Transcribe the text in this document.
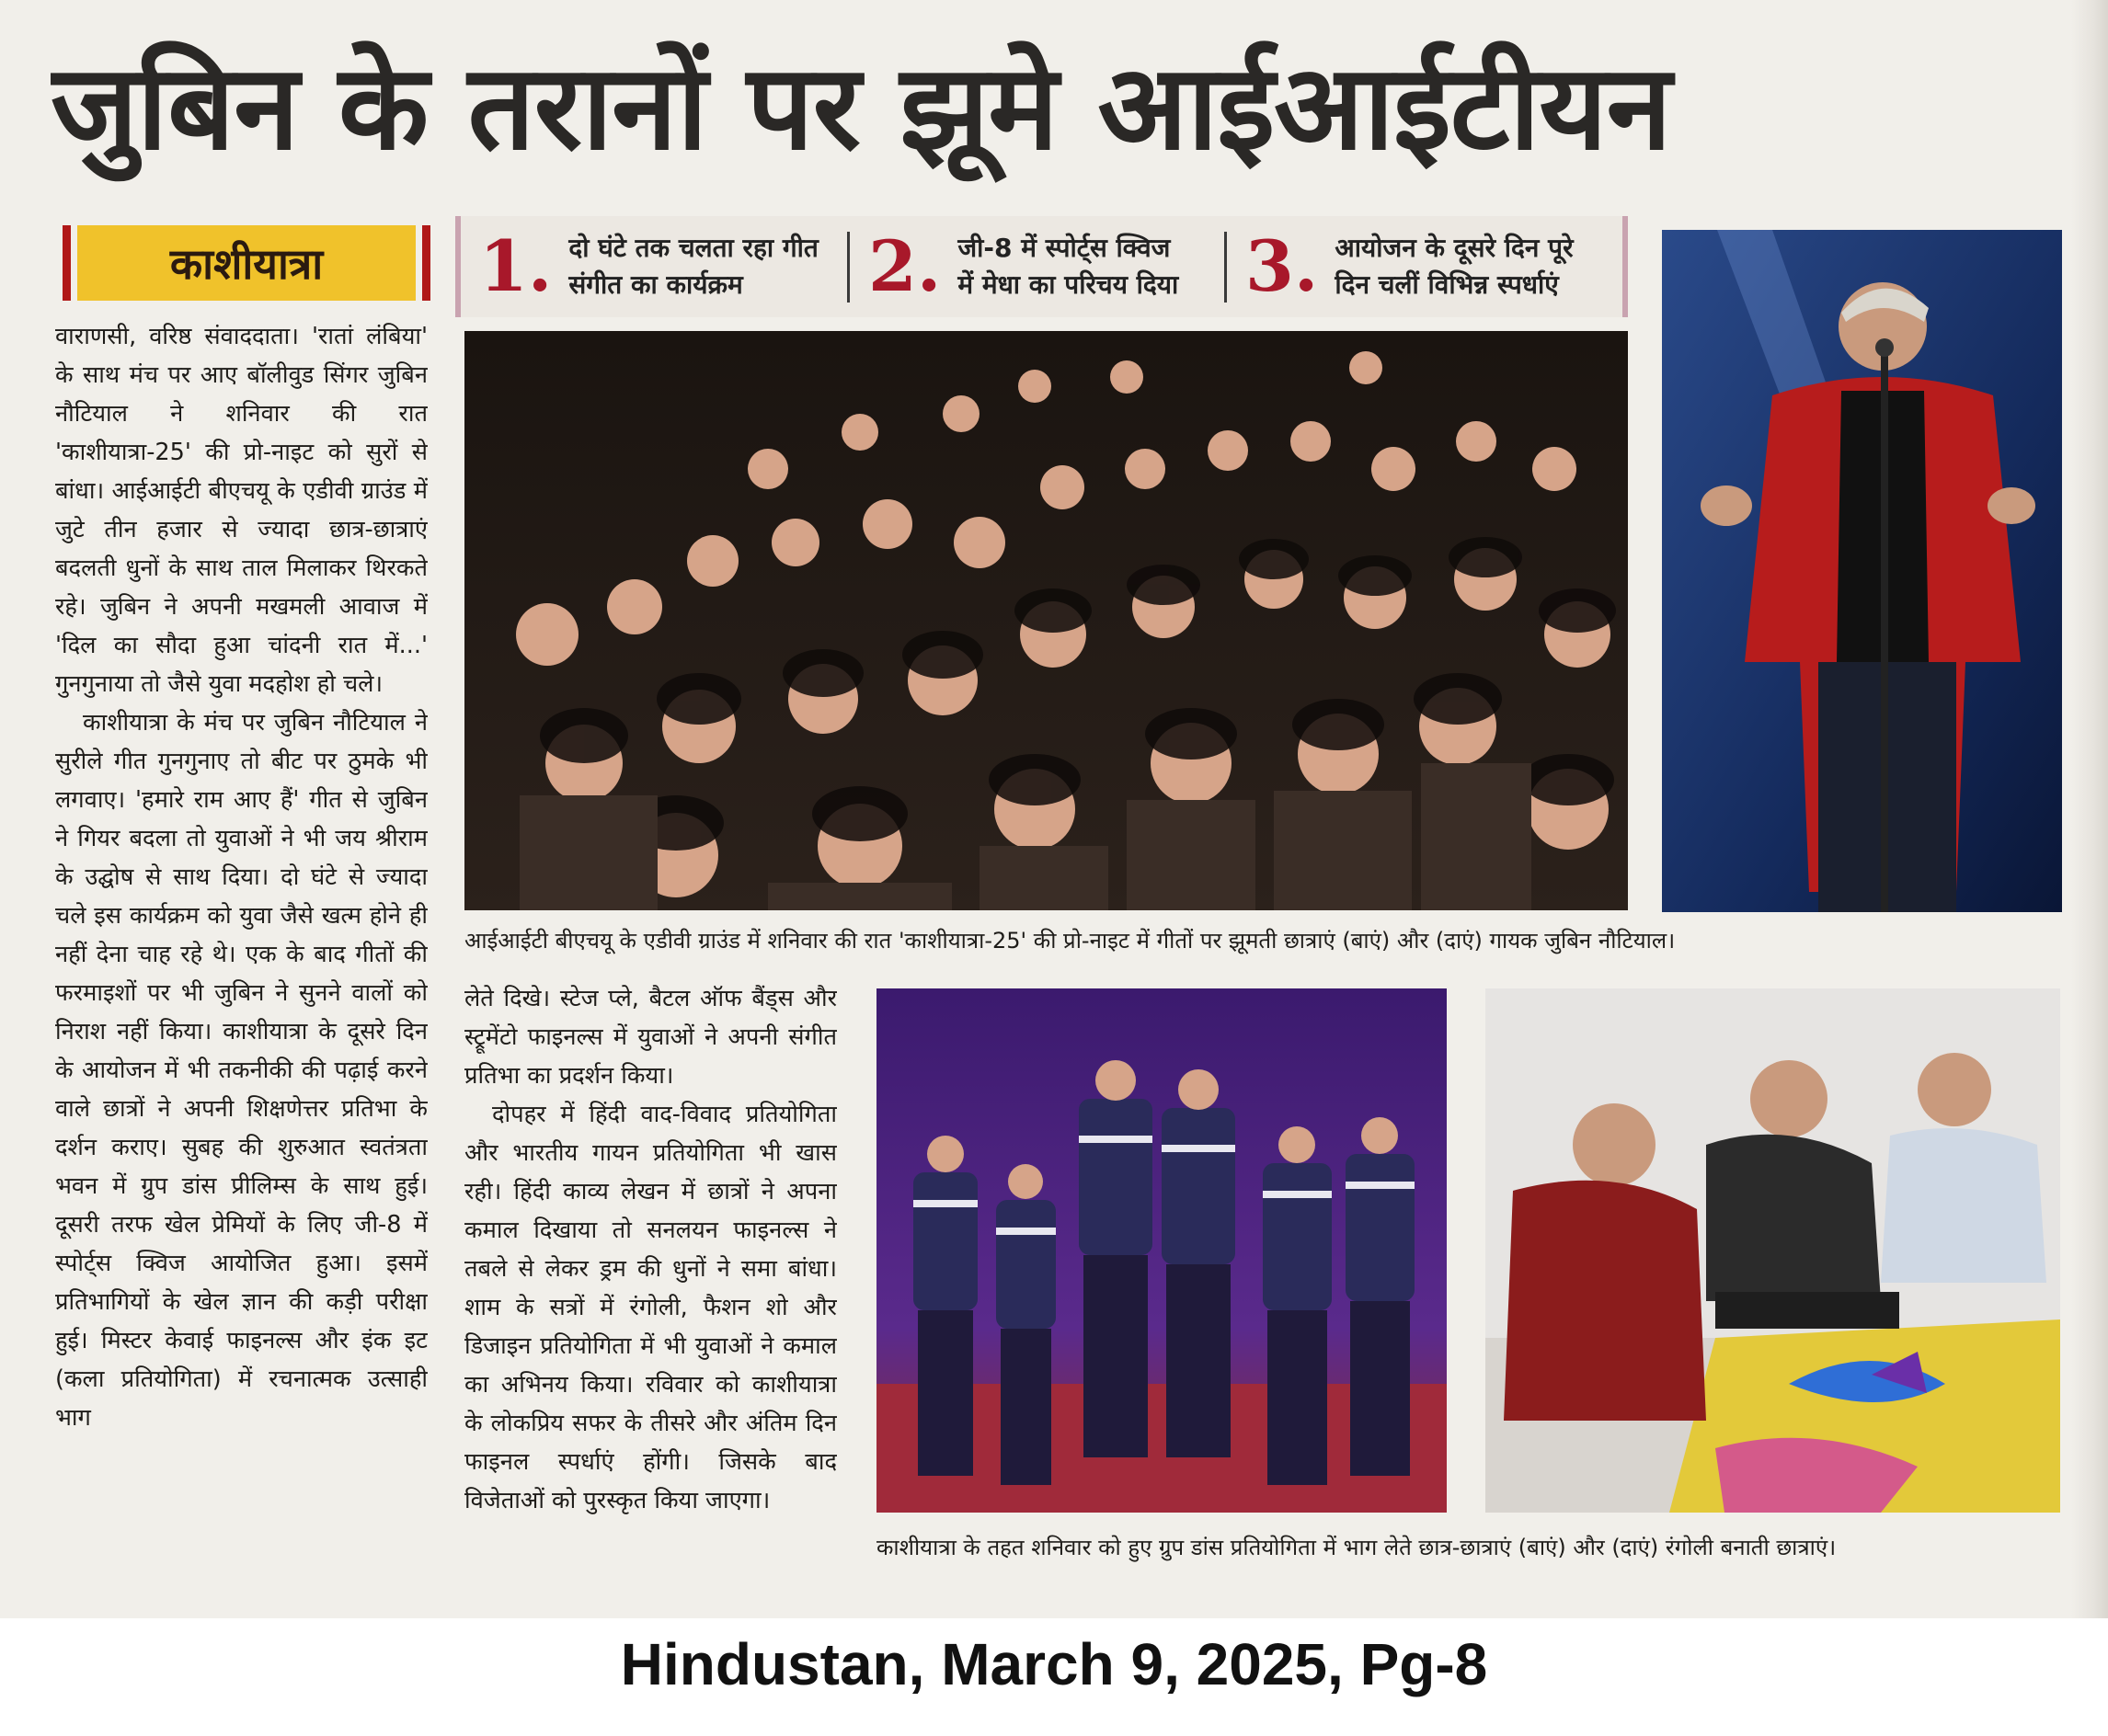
जुबिन के तरानों पर झूमे आईआईटीयन
काशीयात्रा	1. दो घंटे तक चलता रहा गीत
संगीत का कार्यक्रम	2. जी-8 में स्पोर्ट्स क्विज
में मेधा का परिचय दिया 3. आयोजन के दूसरे दिन पूरे
दिन चलीं विभिन्न स्पर्धाएं

वाराणसी, वरिष्ठ संवाददाता। 'रातां लंबिया' के साथ मंच पर आए बॉलीवुड सिंगर जुबिन नौटियाल ने शनिवार की रात 'काशीयात्रा-25' की प्रो-नाइट को सुरों से बांधा। आईआईटी बीएचयू के एडीवी ग्राउंड में जुटे तीन हजार से ज्यादा छात्र-छात्राएं बदलती धुनों के साथ ताल मिलाकर थिरकते रहे। जुबिन ने अपनी मखमली आवाज में 'दिल का सौदा हुआ चांदनी रात में...' गुनगुनाया तो जैसे युवा मदहोश हो चले।

काशीयात्रा के मंच पर जुबिन नौटियाल ने सुरीले गीत गुनगुनाए तो बीट पर ठुमके भी लगवाए। 'हमारे राम आए हैं' गीत से जुबिन ने गियर बदला तो युवाओं ने भी जय श्रीराम के उद्घोष से साथ दिया। दो घंटे से ज्यादा चले इस कार्यक्रम को युवा जैसे खत्म होने ही नहीं देना चाह रहे थे। एक के बाद गीतों की फरमाइशों पर भी जुबिन ने सुनने वालों को निराश नहीं किया। काशीयात्रा के दूसरे दिन के आयोजन में भी तकनीकी की पढ़ाई करने वाले छात्रों ने अपनी शिक्षणेत्तर प्रतिभा के दर्शन कराए। सुबह की शुरुआत स्वतंत्रता भवन में ग्रुप डांस प्रीलिम्स के साथ हुई। दूसरी तरफ खेल प्रेमियों के लिए जी-8 में स्पोर्ट्स क्विज आयोजित हुआ। इसमें प्रतिभागियों के खेल ज्ञान की कड़ी परीक्षा हुई। मिस्टर केवाई फाइनल्स और इंक इट (कला प्रतियोगिता) में रचनात्मक उत्साही भाग

आईआईटी बीएचयू के एडीवी ग्राउंड में शनिवार की रात 'काशीयात्रा-25' की प्रो-नाइट में गीतों पर झूमती छात्राएं (बाएं) और (दाएं) गायक जुबिन नौटियाल।

लेते दिखे। स्टेज प्ले, बैटल ऑफ बैंड्स और स्ट्रूमेंटो फाइनल्स में युवाओं ने अपनी संगीत प्रतिभा का प्रदर्शन किया।

दोपहर में हिंदी वाद-विवाद प्रतियोगिता और भारतीय गायन प्रतियोगिता भी खास रही। हिंदी काव्य लेखन में छात्रों ने अपना कमाल दिखाया तो सनलयन फाइनल्स ने तबले से लेकर ड्रम की धुनों ने समा बांधा। शाम के सत्रों में रंगोली, फैशन शो और डिजाइन प्रतियोगिता में भी युवाओं ने कमाल का अभिनय किया। रविवार को काशीयात्रा के लोकप्रिय सफर के तीसरे और अंतिम दिन फाइनल स्पर्धाएं होंगी। जिसके बाद विजेताओं को पुरस्कृत किया जाएगा।

काशीयात्रा के तहत शनिवार को हुए ग्रुप डांस प्रतियोगिता में भाग लेते छात्र-छात्राएं (बाएं) और (दाएं) रंगोली बनाती छात्राएं।
Hindustan, March 9, 2025, Pg-8
